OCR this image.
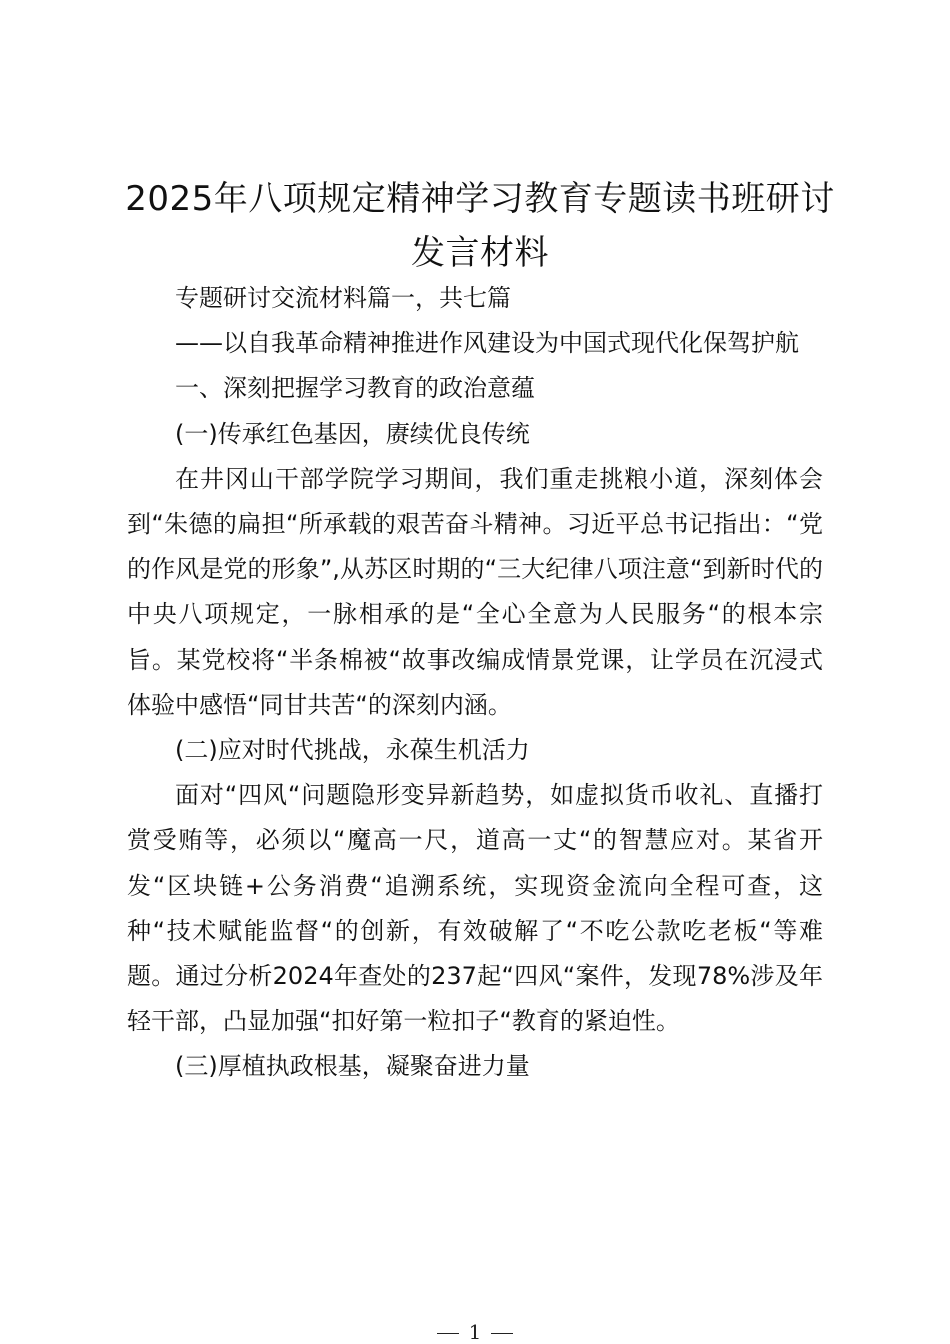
2025年八项规定精神学习教育专题读书班研讨发言材料

专题研讨交流材料篇一，共七篇

——以自我革命精神推进作风建设为中国式现代化保驾护航

一、深刻把握学习教育的政治意蕴

(一)传承红色基因，赓续优良传统

在井冈山干部学院学习期间，我们重走挑粮小道，深刻体会到“朱德的扁担“所承载的艰苦奋斗精神。习近平总书记指出：“党的作风是党的形象”,从苏区时期的“三大纪律八项注意“到新时代的中央八项规定，一脉相承的是“全心全意为人民服务“的根本宗旨。某党校将“半条棉被“故事改编成情景党课，让学员在沉浸式体验中感悟“同甘共苦“的深刻内涵。

(二)应对时代挑战，永葆生机活力

面对“四风“问题隐形变异新趋势，如虚拟货币收礼、直播打赏受贿等，必须以“魔高一尺，道高一丈“的智慧应对。某省开发“区块链+公务消费“追溯系统，实现资金流向全程可查，这种“技术赋能监督“的创新，有效破解了“不吃公款吃老板“等难题。通过分析2024年查处的237起“四风“案件，发现78%涉及年轻干部，凸显加强“扣好第一粒扣子“教育的紧迫性。

(三)厚植执政根基，凝聚奋进力量

1
